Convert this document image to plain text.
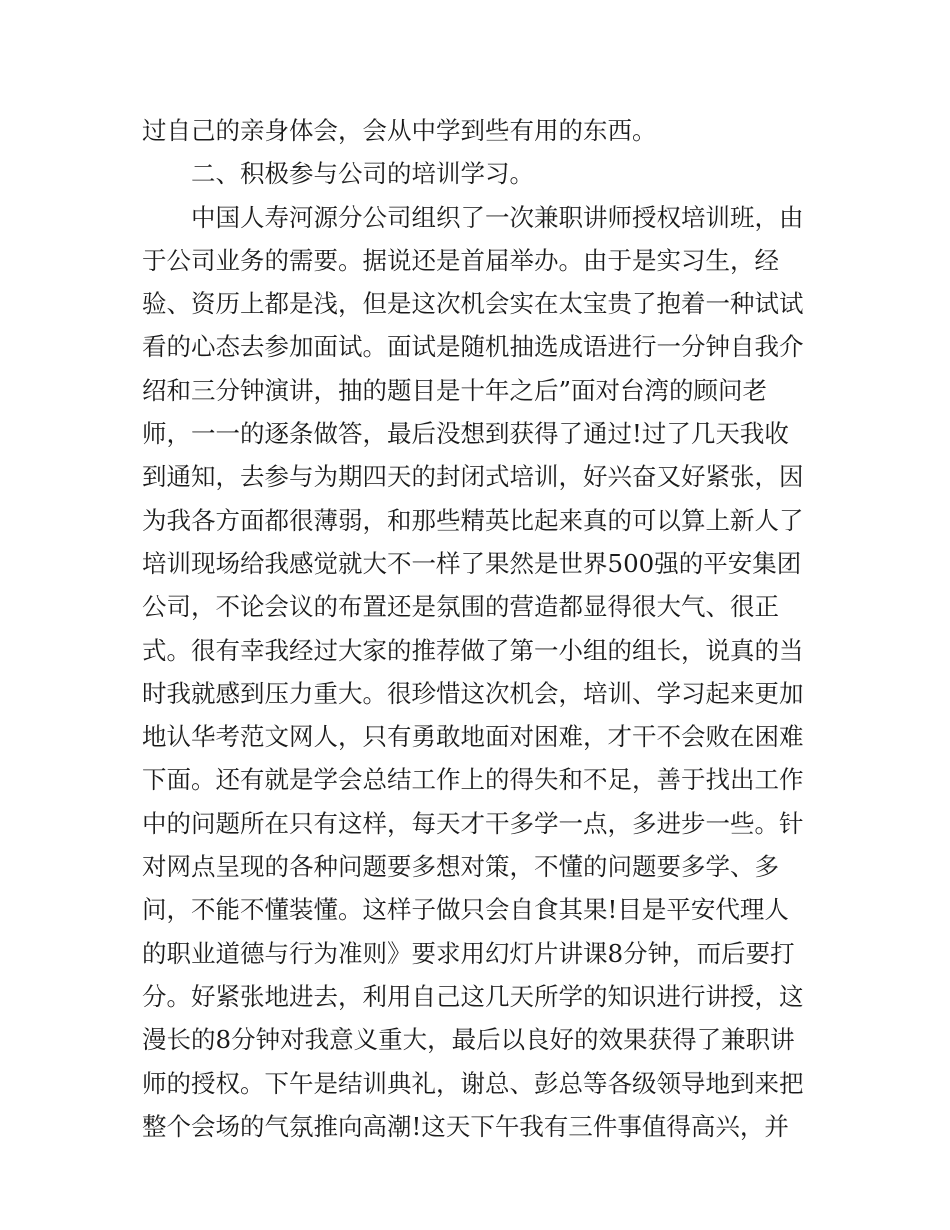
过自己的亲身体会，会从中学到些有用的东西。
二、积极参与公司的培训学习。
中国人寿河源分公司组织了一次兼职讲师授权培训班，由
于公司业务的需要。据说还是首届举办。由于是实习生，经
验、资历上都是浅，但是这次机会实在太宝贵了抱着一种试试
看的心态去参加面试。面试是随机抽选成语进行一分钟自我介
绍和三分钟演讲，抽的题目是十年之后”面对台湾的顾问老
师，一一的逐条做答，最后没想到获得了通过!过了几天我收
到通知，去参与为期四天的封闭式培训，好兴奋又好紧张，因
为我各方面都很薄弱，和那些精英比起来真的可以算上新人了
培训现场给我感觉就大不一样了果然是世界500强的平安集团
公司，不论会议的布置还是氛围的营造都显得很大气、很正
式。很有幸我经过大家的推荐做了第一小组的组长，说真的当
时我就感到压力重大。很珍惜这次机会，培训、学习起来更加
地认华考范文网人，只有勇敢地面对困难，才干不会败在困难
下面。还有就是学会总结工作上的得失和不足，善于找出工作
中的问题所在只有这样，每天才干多学一点，多进步一些。针
对网点呈现的各种问题要多想对策，不懂的问题要多学、多
问，不能不懂装懂。这样子做只会自食其果!目是平安代理人
的职业道德与行为准则》要求用幻灯片讲课8分钟，而后要打
分。好紧张地进去，利用自己这几天所学的知识进行讲授，这
漫长的8分钟对我意义重大，最后以良好的效果获得了兼职讲
师的授权。下午是结训典礼，谢总、彭总等各级领导地到来把
整个会场的气氛推向高潮!这天下午我有三件事值得高兴，并
